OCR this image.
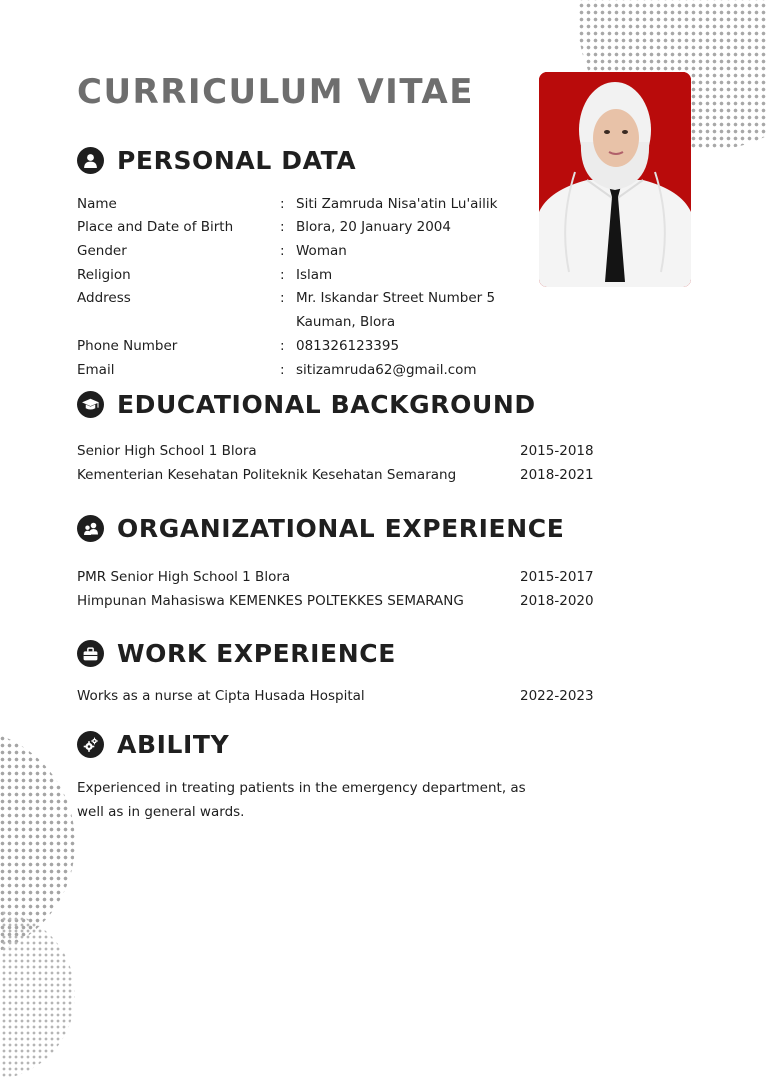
CURRICULUM VITAE
PERSONAL DATA
Name	: Siti Zamruda Nisa'atin Lu'ailik
Place and Date of Birth	: Blora, 20 January 2004
Gender	: Woman
Religion	: Islam
Address	: Mr. Iskandar Street Number 5
Kauman, Blora
Phone Number	: 081326123395
Email	: sitizamruda62@gmail.com
EDUCATIONAL BACKGROUND
Senior High School 1 Blora	2015-2018
Kementerian Kesehatan Politeknik Kesehatan Semarang	2018-2021
ORGANIZATIONAL EXPERIENCE
PMR Senior High School 1 Blora	2015-2017
Himpunan Mahasiswa KEMENKES POLTEKKES SEMARANG	2018-2020
WORK EXPERIENCE
Works as a nurse at Cipta Husada Hospital	2022-2023
ABILITY
Experienced in treating patients in the emergency department, as well as in general wards.
